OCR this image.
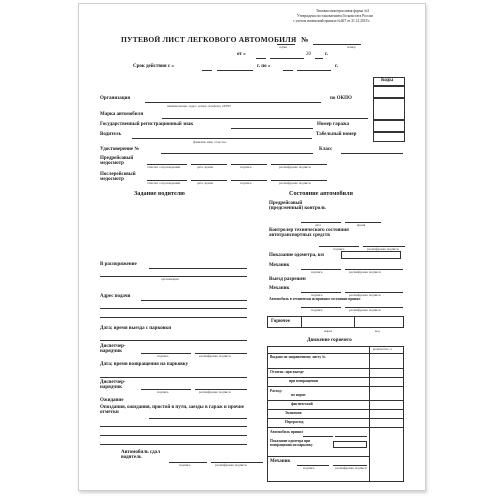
Типовая межотраслевая форма №3
Утверждена постановлением Госкомстата России
с учетом изменений приказа №467 от 21.12.2018 г.
ПУТЕВОЙ ЛИСТ ЛЕГКОВОГО АВТОМОБИЛЯ №
серия	номер
от «	20	г.
Срок действия с «	г. по «	г.
Коды
Организация
наименование, адрес, номер телефона, ОГРН
по ОКПО
Марка автомобиля
Государственный регистрационный знак	Номер гаража
Водитель	Табельный номер
фамилия, имя, отчество
Удостоверение №	Класс
Предрейсовый медосмотр
отметка о прохождении	дата, время	подпись	расшифровка подписи
Послерейсовый медосмотр
отметка о прохождении	дата, время	подпись	расшифровка подписи
Задание водителю	Состояние автомобиля
В распоряжение
организации
Адрес подачи
Дата; время выезда с парковки
Диспетчер-нарядчик
подпись	расшифровка подписи
Дата; время возвращения на парковку
Диспетчер-нарядчик
подпись	расшифровка подписи
Ожидание
Опоздания, ожидания, простой в пути, заезды в гараж и прочие отметки
Автомобиль сдал водитель
подпись	расшифровка подписи
Предрейсовый (предсменный) контроль
дата	время
Контролер технического состояния автотранспортных средств
подпись	расшифровка подписи
Показание одометра, км
Механик
подпись	расшифровка подписи
Выезд разрешен
Механик
подпись	расшифровка подписи
Автомобиль в технически исправном состоянии принял
подпись	расшифровка подписи
Горючее
марка	код
Движение горючего
количество, л
Выдано по заправочному листу №
Остаток: при выезде
при возвращении
Расход:
по норме
фактический
Экономия
Перерасход
Автомобиль принял
Показание одометра при возвращении на парковку
Механик
подпись	расшифровка подписи
